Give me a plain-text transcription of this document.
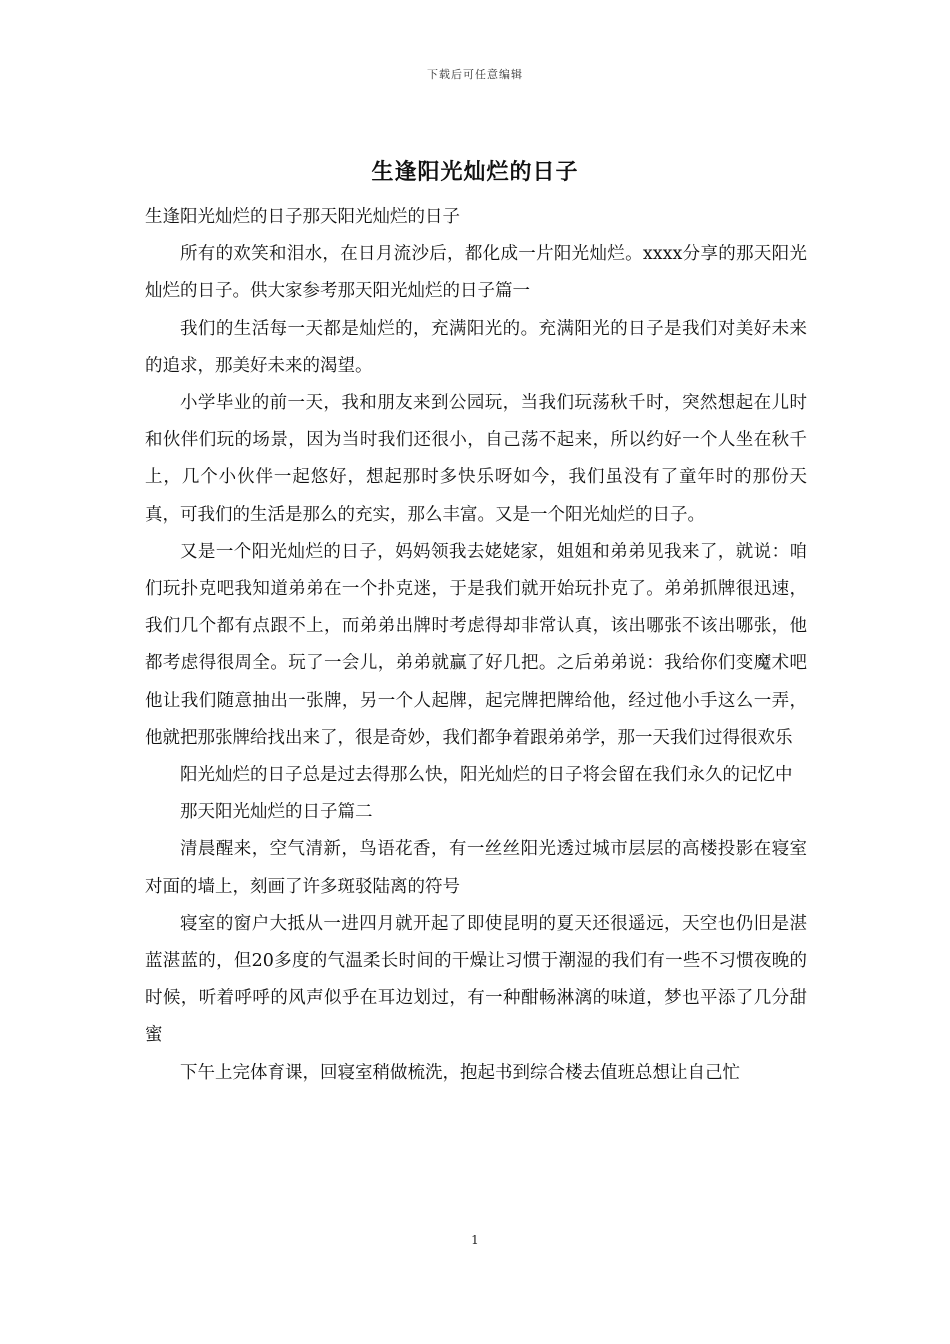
下载后可任意编辑
生逢阳光灿烂的日子

生逢阳光灿烂的日子那天阳光灿烂的日子

所有的欢笑和泪水，在日月流沙后，都化成一片阳光灿烂。xxxx分享的那天阳光灿烂的日子。供大家参考那天阳光灿烂的日子篇一

我们的生活每一天都是灿烂的，充满阳光的。充满阳光的日子是我们对美好未来的追求，那美好未来的渴望。

小学毕业的前一天，我和朋友来到公园玩，当我们玩荡秋千时，突然想起在儿时和伙伴们玩的场景，因为当时我们还很小，自己荡不起来，所以约好一个人坐在秋千上，几个小伙伴一起悠好，想起那时多快乐呀如今，我们虽没有了童年时的那份天真，可我们的生活是那么的充实，那么丰富。又是一个阳光灿烂的日子。

又是一个阳光灿烂的日子，妈妈领我去姥姥家，姐姐和弟弟见我来了，就说：咱们玩扑克吧我知道弟弟在一个扑克迷，于是我们就开始玩扑克了。弟弟抓牌很迅速，我们几个都有点跟不上，而弟弟出牌时考虑得却非常认真，该出哪张不该出哪张，他都考虑得很周全。玩了一会儿，弟弟就赢了好几把。之后弟弟说：我给你们变魔术吧他让我们随意抽出一张牌，另一个人起牌，起完牌把牌给他，经过他小手这么一弄，他就把那张牌给找出来了，很是奇妙，我们都争着跟弟弟学，那一天我们过得很欢乐

阳光灿烂的日子总是过去得那么快，阳光灿烂的日子将会留在我们永久的记忆中

那天阳光灿烂的日子篇二

清晨醒来，空气清新，鸟语花香，有一丝丝阳光透过城市层层的高楼投影在寝室对面的墙上，刻画了许多斑驳陆离的符号

寝室的窗户大抵从一进四月就开起了即使昆明的夏天还很遥远，天空也仍旧是湛蓝湛蓝的，但20多度的气温柔长时间的干燥让习惯于潮湿的我们有一些不习惯夜晚的时候，听着呼呼的风声似乎在耳边划过，有一种酣畅淋漓的味道，梦也平添了几分甜蜜

下午上完体育课，回寝室稍做梳洗，抱起书到综合楼去值班总想让自己忙

1
